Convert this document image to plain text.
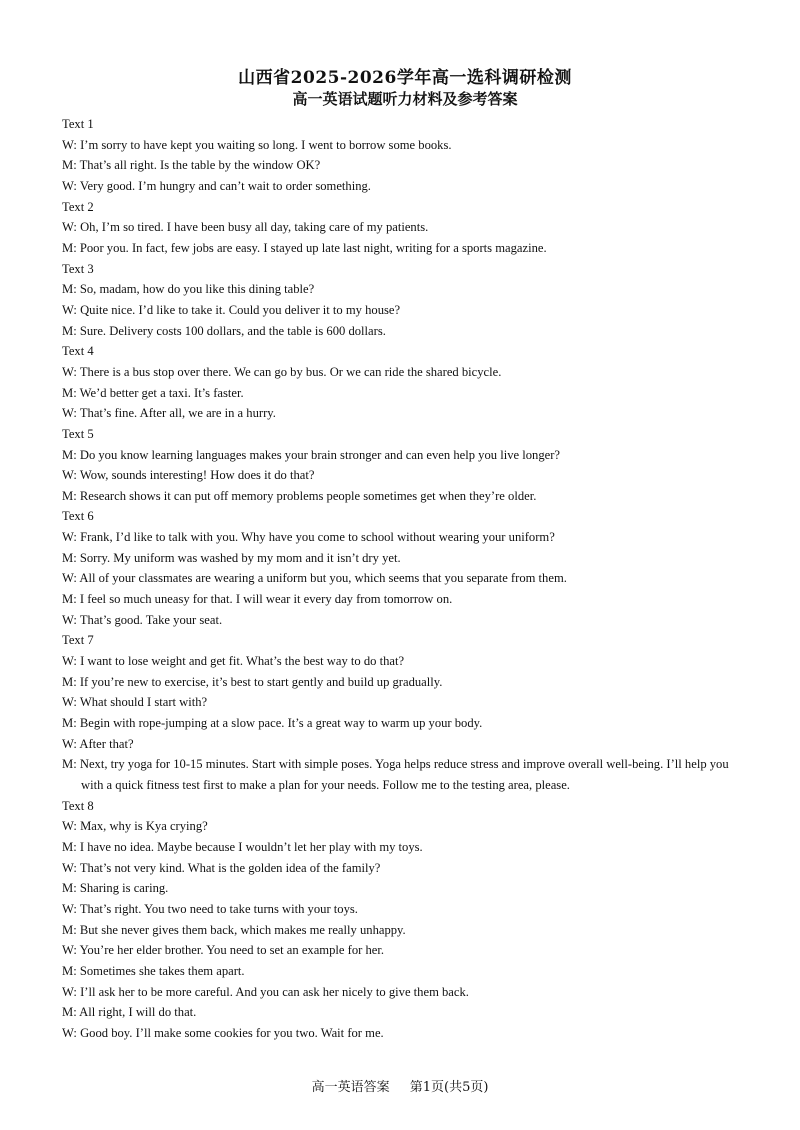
山西省2025-2026学年高一选科调研检测
高一英语试题听力材料及参考答案
Text 1
W: I’m sorry to have kept you waiting so long. I went to borrow some books.
M: That’s all right. Is the table by the window OK?
W: Very good. I’m hungry and can’t wait to order something.
Text 2
W: Oh, I’m so tired. I have been busy all day, taking care of my patients.
M: Poor you. In fact, few jobs are easy. I stayed up late last night, writing for a sports magazine.
Text 3
M: So, madam, how do you like this dining table?
W: Quite nice. I’d like to take it. Could you deliver it to my house?
M: Sure. Delivery costs 100 dollars, and the table is 600 dollars.
Text 4
W: There is a bus stop over there. We can go by bus. Or we can ride the shared bicycle.
M: We’d better get a taxi. It’s faster.
W: That’s fine. After all, we are in a hurry.
Text 5
M: Do you know learning languages makes your brain stronger and can even help you live longer?
W: Wow, sounds interesting! How does it do that?
M: Research shows it can put off memory problems people sometimes get when they’re older.
Text 6
W: Frank, I’d like to talk with you. Why have you come to school without wearing your uniform?
M: Sorry. My uniform was washed by my mom and it isn’t dry yet.
W: All of your classmates are wearing a uniform but you, which seems that you separate from them.
M: I feel so much uneasy for that. I will wear it every day from tomorrow on.
W: That’s good. Take your seat.
Text 7
W: I want to lose weight and get fit. What’s the best way to do that?
M: If you’re new to exercise, it’s best to start gently and build up gradually.
W: What should I start with?
M: Begin with rope-jumping at a slow pace. It’s a great way to warm up your body.
W: After that?
M: Next, try yoga for 10-15 minutes. Start with simple poses. Yoga helps reduce stress and improve overall well-being. I’ll help you with a quick fitness test first to make a plan for your needs. Follow me to the testing area, please.
Text 8
W: Max, why is Kya crying?
M: I have no idea. Maybe because I wouldn’t let her play with my toys.
W: That’s not very kind. What is the golden idea of the family?
M: Sharing is caring.
W: That’s right. You two need to take turns with your toys.
M: But she never gives them back, which makes me really unhappy.
W: You’re her elder brother. You need to set an example for her.
M: Sometimes she takes them apart.
W: I’ll ask her to be more careful. And you can ask her nicely to give them back.
M: All right, I will do that.
W: Good boy. I’ll make some cookies for you two. Wait for me.
高一英语答案 第1页(共5页)
